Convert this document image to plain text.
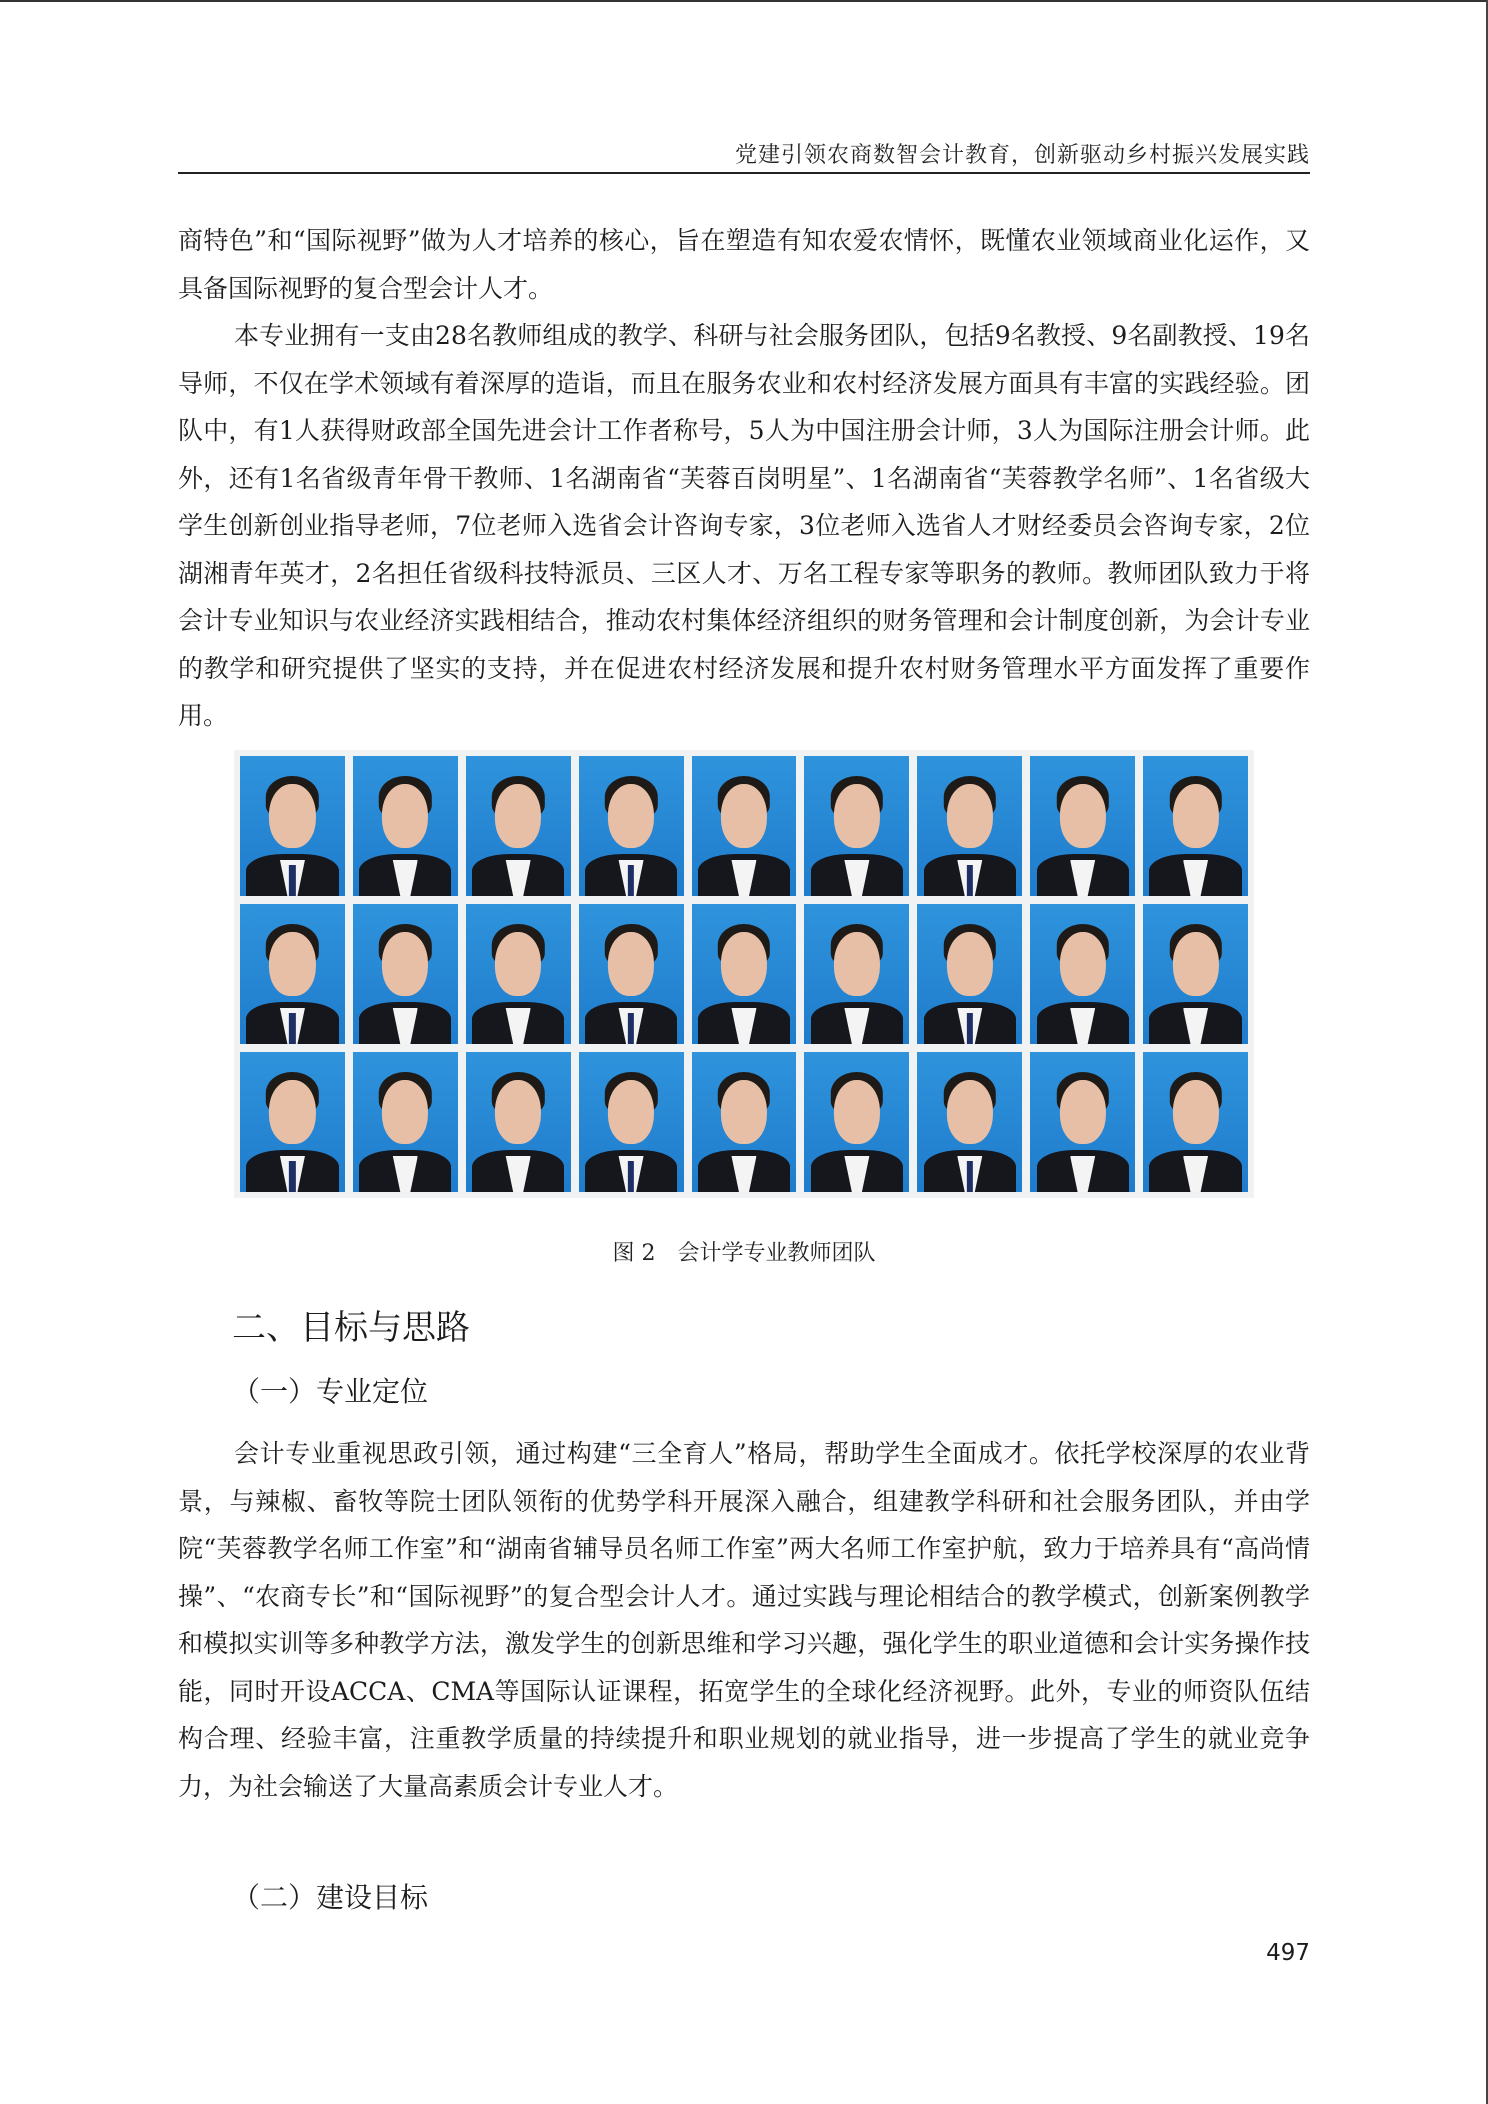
党建引领农商数智会计教育，创新驱动乡村振兴发展实践

商特色”和“国际视野”做为人才培养的核心，旨在塑造有知农爱农情怀，既懂农业领域商业化运作，又具备国际视野的复合型会计人才。

本专业拥有一支由28名教师组成的教学、科研与社会服务团队，包括9名教授、9名副教授、19名导师，不仅在学术领域有着深厚的造诣，而且在服务农业和农村经济发展方面具有丰富的实践经验。团队中，有1人获得财政部全国先进会计工作者称号，5人为中国注册会计师，3人为国际注册会计师。此外，还有1名省级青年骨干教师、1名湖南省“芙蓉百岗明星”、1名湖南省“芙蓉教学名师”、1名省级大学生创新创业指导老师，7位老师入选省会计咨询专家，3位老师入选省人才财经委员会咨询专家，2位湖湘青年英才，2名担任省级科技特派员、三区人才、万名工程专家等职务的教师。教师团队致力于将会计专业知识与农业经济实践相结合，推动农村集体经济组织的财务管理和会计制度创新，为会计专业的教学和研究提供了坚实的支持，并在促进农村经济发展和提升农村财务管理水平方面发挥了重要作用。

图 2　会计学专业教师团队
二、目标与思路
（一）专业定位

会计专业重视思政引领，通过构建“三全育人”格局，帮助学生全面成才。依托学校深厚的农业背景，与辣椒、畜牧等院士团队领衔的优势学科开展深入融合，组建教学科研和社会服务团队，并由学院“芙蓉教学名师工作室”和“湖南省辅导员名师工作室”两大名师工作室护航，致力于培养具有“高尚情操”、“农商专长”和“国际视野”的复合型会计人才。通过实践与理论相结合的教学模式，创新案例教学和模拟实训等多种教学方法，激发学生的创新思维和学习兴趣，强化学生的职业道德和会计实务操作技能，同时开设ACCA、CMA等国际认证课程，拓宽学生的全球化经济视野。此外，专业的师资队伍结构合理、经验丰富，注重教学质量的持续提升和职业规划的就业指导，进一步提高了学生的就业竞争力，为社会输送了大量高素质会计专业人才。

（二）建设目标
497
